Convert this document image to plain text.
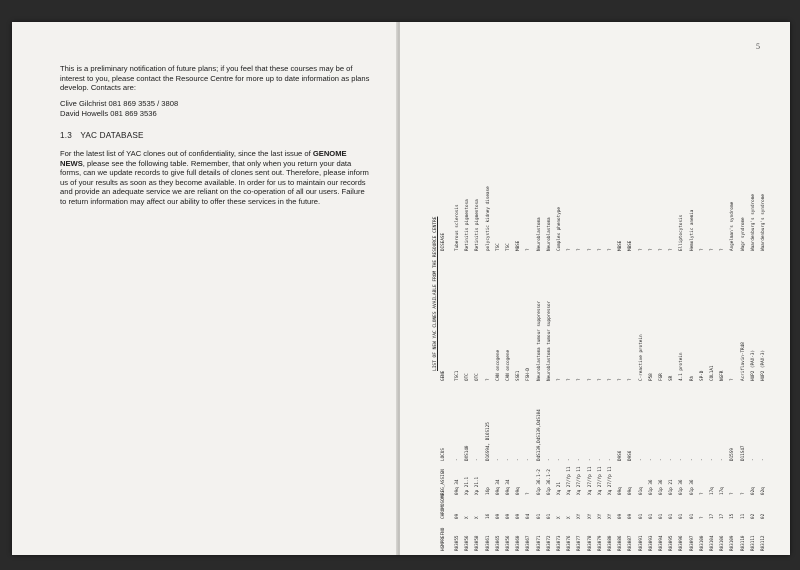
This is a preliminary notification of future plans; if you feel that these courses may be of interest to you, please contact the Resource Centre for more up to date information as plans develop. Contacts are:
Clive Gilchrist 081 869 3535 / 3808
David Howells 081 869 3536
1.3 YAC DATABASE
For the latest list of YAC clones out of confidentiality, since the last issue of GENOME NEWS, please see the following table. Remember, that only when you return your data forms, can we update records to give full details of clones sent out. Therefore, please inform us of your results as soon as they become available. In order for us to maintain our records and provide an adequate service we are reliant on the co-operation of all our users. Failure to return information may affect our ability to offer these services in the future.
5
LIST OF NEW YAC CLONES AVAILABLE FROM THE RESOURCE CENTRE
HGMPREFNO
CHROMOSOME
REG_ASSIGN
LOCUS
GENE
DISEASE
R03055
09
09q 34
-
TSC1
Tuberous sclerosis
R03056
X
Xp 21.1
DXS140
OTC
Retinitis pigmentosa
R03058
X
Xp 21.1
-
OTC
Retinitis pigmentosa
R03061
16
16p
D16S94, D16S125
?
polycystic kidney disease
R03065
09
09q 34
-
CAN oncogene
TSC
R03056
09
09q 34
-
CAN oncogene
TSC
R03060
09
09q
-
SSE1
MBSE
R03067
04
?
-
FSH-D
?
R03071
01
01p 36.1-2
D4S139,D4S139,D4S104
Neuroblastoma tumour suppressor
Neuroblastoma
R03072
01
01p 36.1-2
-
Neuroblastoma tumour suppressor
Neuroblastoma
R03073
X
Xq 21
-
?
Complex phenotype
R03076
X
Xq 27/Yp 11
-
?
?
R03077
XY
Xq 27/Yp 11
-
?
?
R03078
XY
Xq 27/Yp 11
-
?
?
R03079
XY
Xq 27/Yp 11
-
?
?
R03080
XY
Xq 27/Yp 11
-
?
?
R03086
09
09q
D9S6
?
MBSE
R03087
09
09q
D9S6
?
MBSE
R03091
01
01q
-
C-reactive protein
?
R03093
01
01p 36
-
P58
?
R03094
01
01p 36
-
FGR
?
R03095
01
01p 21
-
SR
?
R03096
01
01p 36
-
4.1 protein
Elliptocytosis
R03097
01
01p 36
-
Rh
Hemolytic anemia
R03100
?
?
-
SP-D
?
R03104
17
17q
-
COL1A1
?
R03106
17
17q
-
NGFR
?
R03109
15
?
D15S9
?
Angelman's syndrome
R03110
11
?
D11S47
Acriflavin-TR48
Wagr syndrome
R03111
02
02q
-
HUP2 (PAX-3)
Waardenburg's syndrome
R03112
02
02q
-
HUP2 (PAX-3)
Waardenburg's syndrome
